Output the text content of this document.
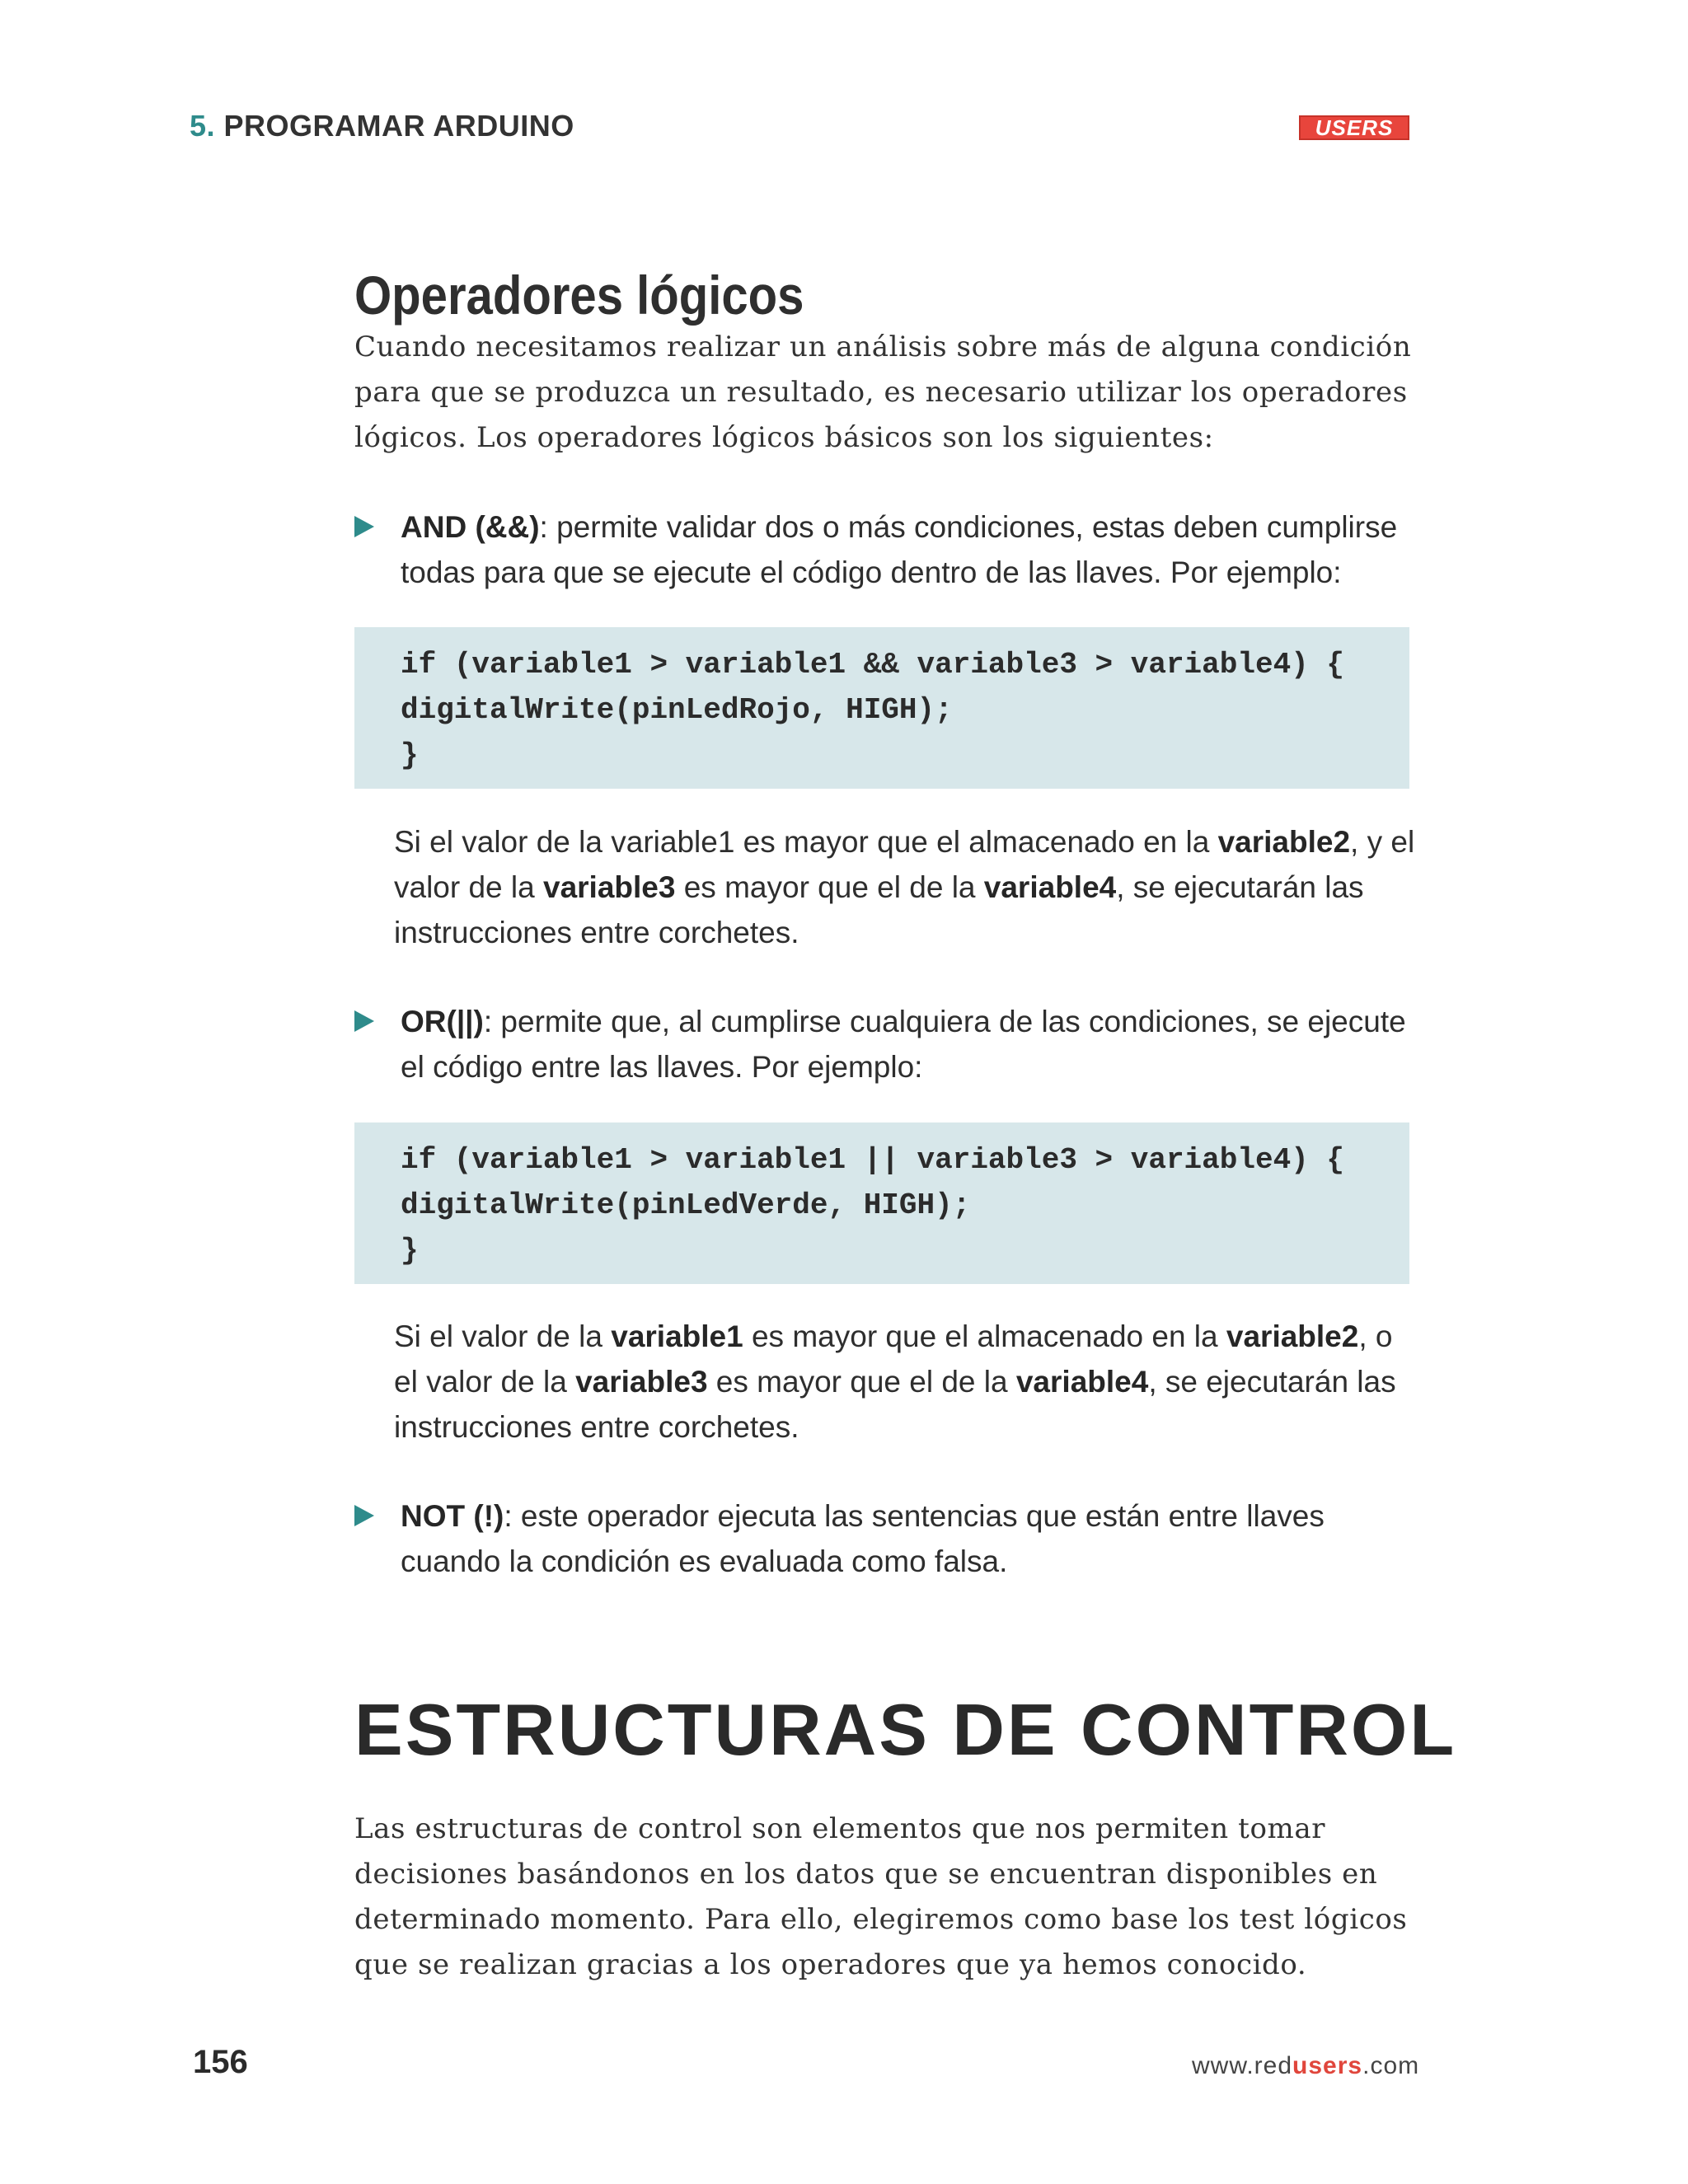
5. PROGRAMAR ARDUINO	USERS
Operadores lógicos
Cuando necesitamos realizar un análisis sobre más de alguna condición para que se produzca un resultado, es necesario utilizar los operadores lógicos. Los operadores lógicos básicos son los siguientes:
AND (&&): permite validar dos o más condiciones, estas deben cumplirse todas para que se ejecute el código dentro de las llaves. Por ejemplo:
if (variable1 > variable1 && variable3 > variable4) {
digitalWrite(pinLedRojo, HIGH);
}
Si el valor de la variable1 es mayor que el almacenado en la variable2, y el valor de la variable3 es mayor que el de la variable4, se ejecutarán las instrucciones entre corchetes.
OR(||): permite que, al cumplirse cualquiera de las condiciones, se ejecute el código entre las llaves. Por ejemplo:
if (variable1 > variable1 || variable3 > variable4) {
digitalWrite(pinLedVerde, HIGH);
}
Si el valor de la variable1 es mayor que el almacenado en la variable2, o el valor de la variable3 es mayor que el de la variable4, se ejecutarán las instrucciones entre corchetes.
NOT (!): este operador ejecuta las sentencias que están entre llaves cuando la condición es evaluada como falsa.
ESTRUCTURAS DE CONTROL
Las estructuras de control son elementos que nos permiten tomar decisiones basándonos en los datos que se encuentran disponibles en determinado momento. Para ello, elegiremos como base los test lógicos que se realizan gracias a los operadores que ya hemos conocido.
156	www.redusers.com
